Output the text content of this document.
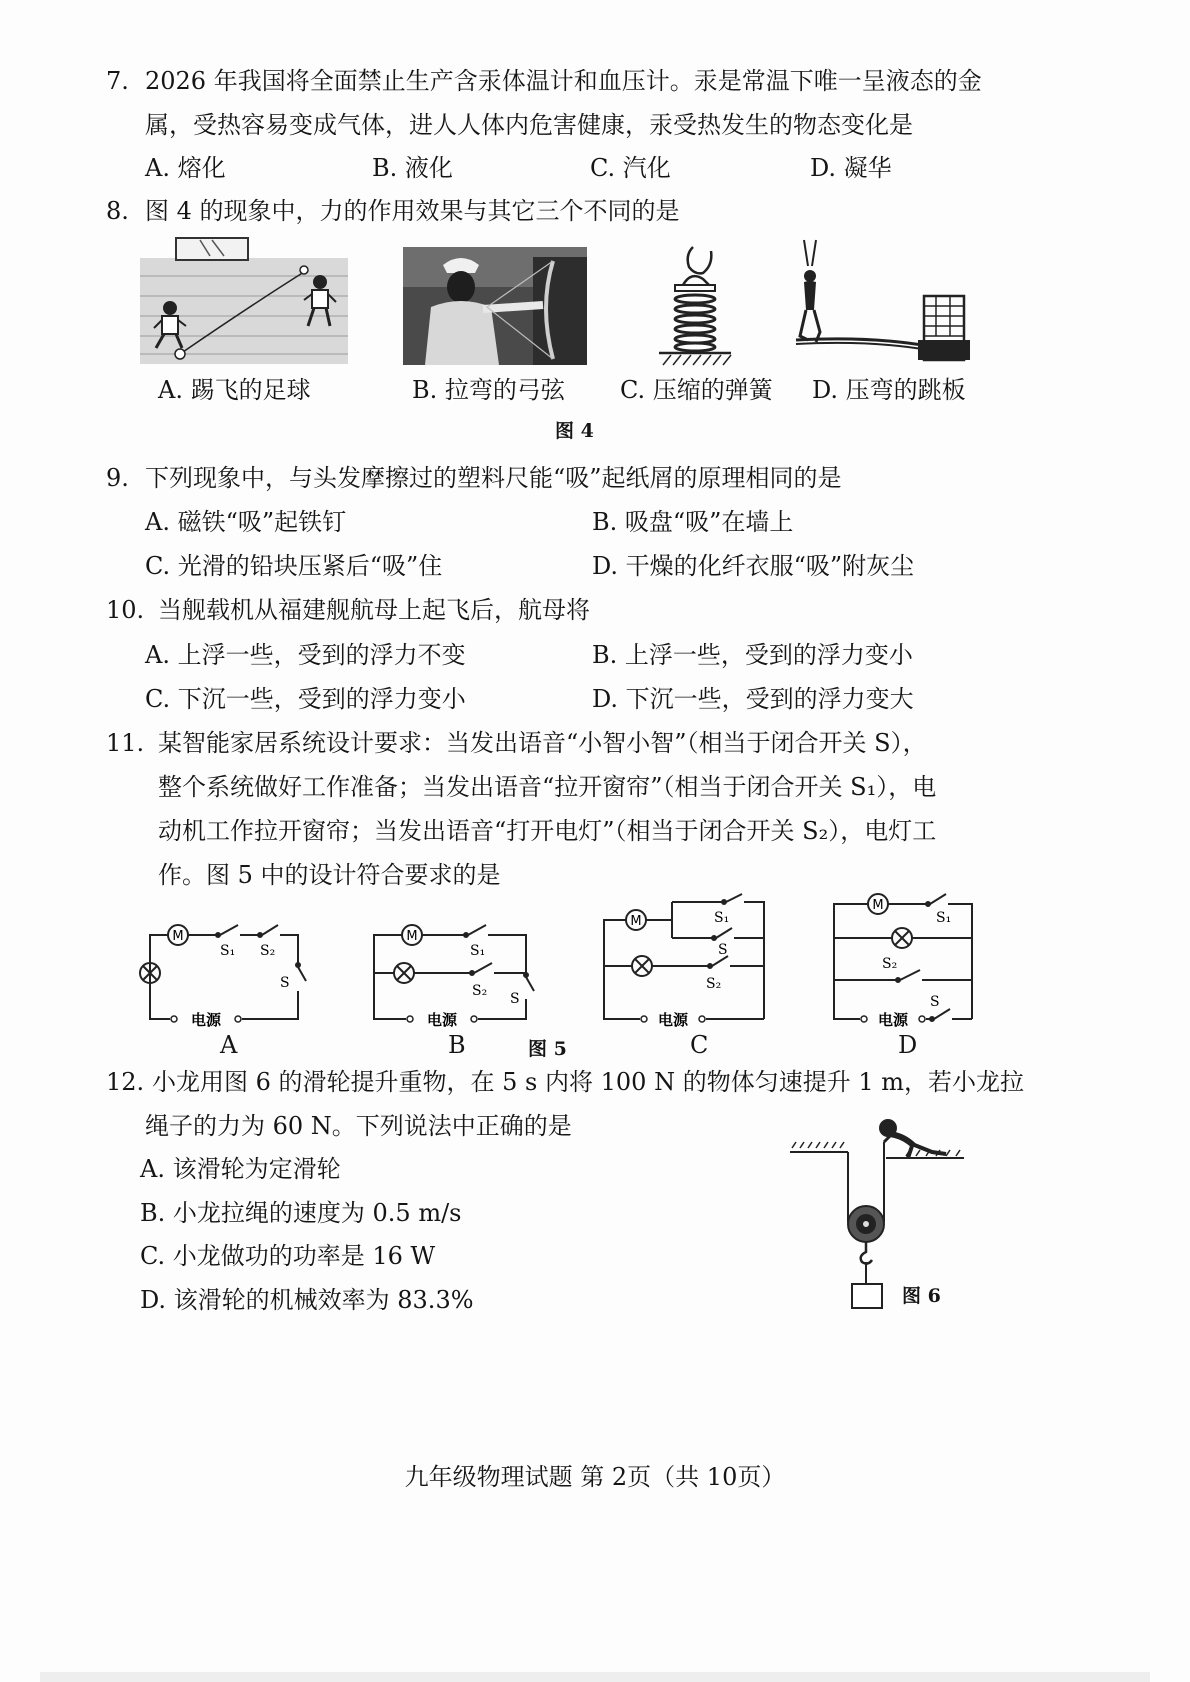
7. 2026 年我国将全面禁止生产含汞体温计和血压计。汞是常温下唯一呈液态的金
属，受热容易变成气体，进人人体内危害健康，汞受热发生的物态变化是
A. 熔化	B. 液化	C. 汽化	D. 凝华
8. 图 4 的现象中，力的作用效果与其它三个不同的是
A. 踢飞的足球	B. 拉弯的弓弦 C. 压缩的弹簧 D. 压弯的跳板
图 4
9. 下列现象中，与头发摩擦过的塑料尺能“吸”起纸屑的原理相同的是
A. 磁铁“吸”起铁钉	B. 吸盘“吸”在墙上
C. 光滑的铅块压紧后“吸”住	D. 干燥的化纤衣服“吸”附灰尘
10. 当舰载机从福建舰航母上起飞后，航母将
A. 上浮一些，受到的浮力不变	B. 上浮一些，受到的浮力变小
C. 下沉一些，受到的浮力变小	D. 下沉一些，受到的浮力变大
11. 某智能家居系统设计要求：当发出语音“小智小智”（相当于闭合开关 S），
整个系统做好工作准备；当发出语音“拉开窗帘”（相当于闭合开关 S₁），电
动机工作拉开窗帘；当发出语音“打开电灯”（相当于闭合开关 S₂），电灯工
作。图 5 中的设计符合要求的是
M
S₁ S₂
S
电源
M
S₁
S₂ S
电源
M	S₁
S
S₂
电源
M
S₁
S₂
S
电源
A	B	图 5	C	D
12. 小龙用图 6 的滑轮提升重物，在 5 s 内将 100 N 的物体匀速提升 1 m，若小龙拉
绳子的力为 60 N。下列说法中正确的是
A. 该滑轮为定滑轮
B. 小龙拉绳的速度为 0.5 m/s
C. 小龙做功的功率是 16 W
D. 该滑轮的机械效率为 83.3%	图 6
九年级物理试题 第 2页（共 10页）
